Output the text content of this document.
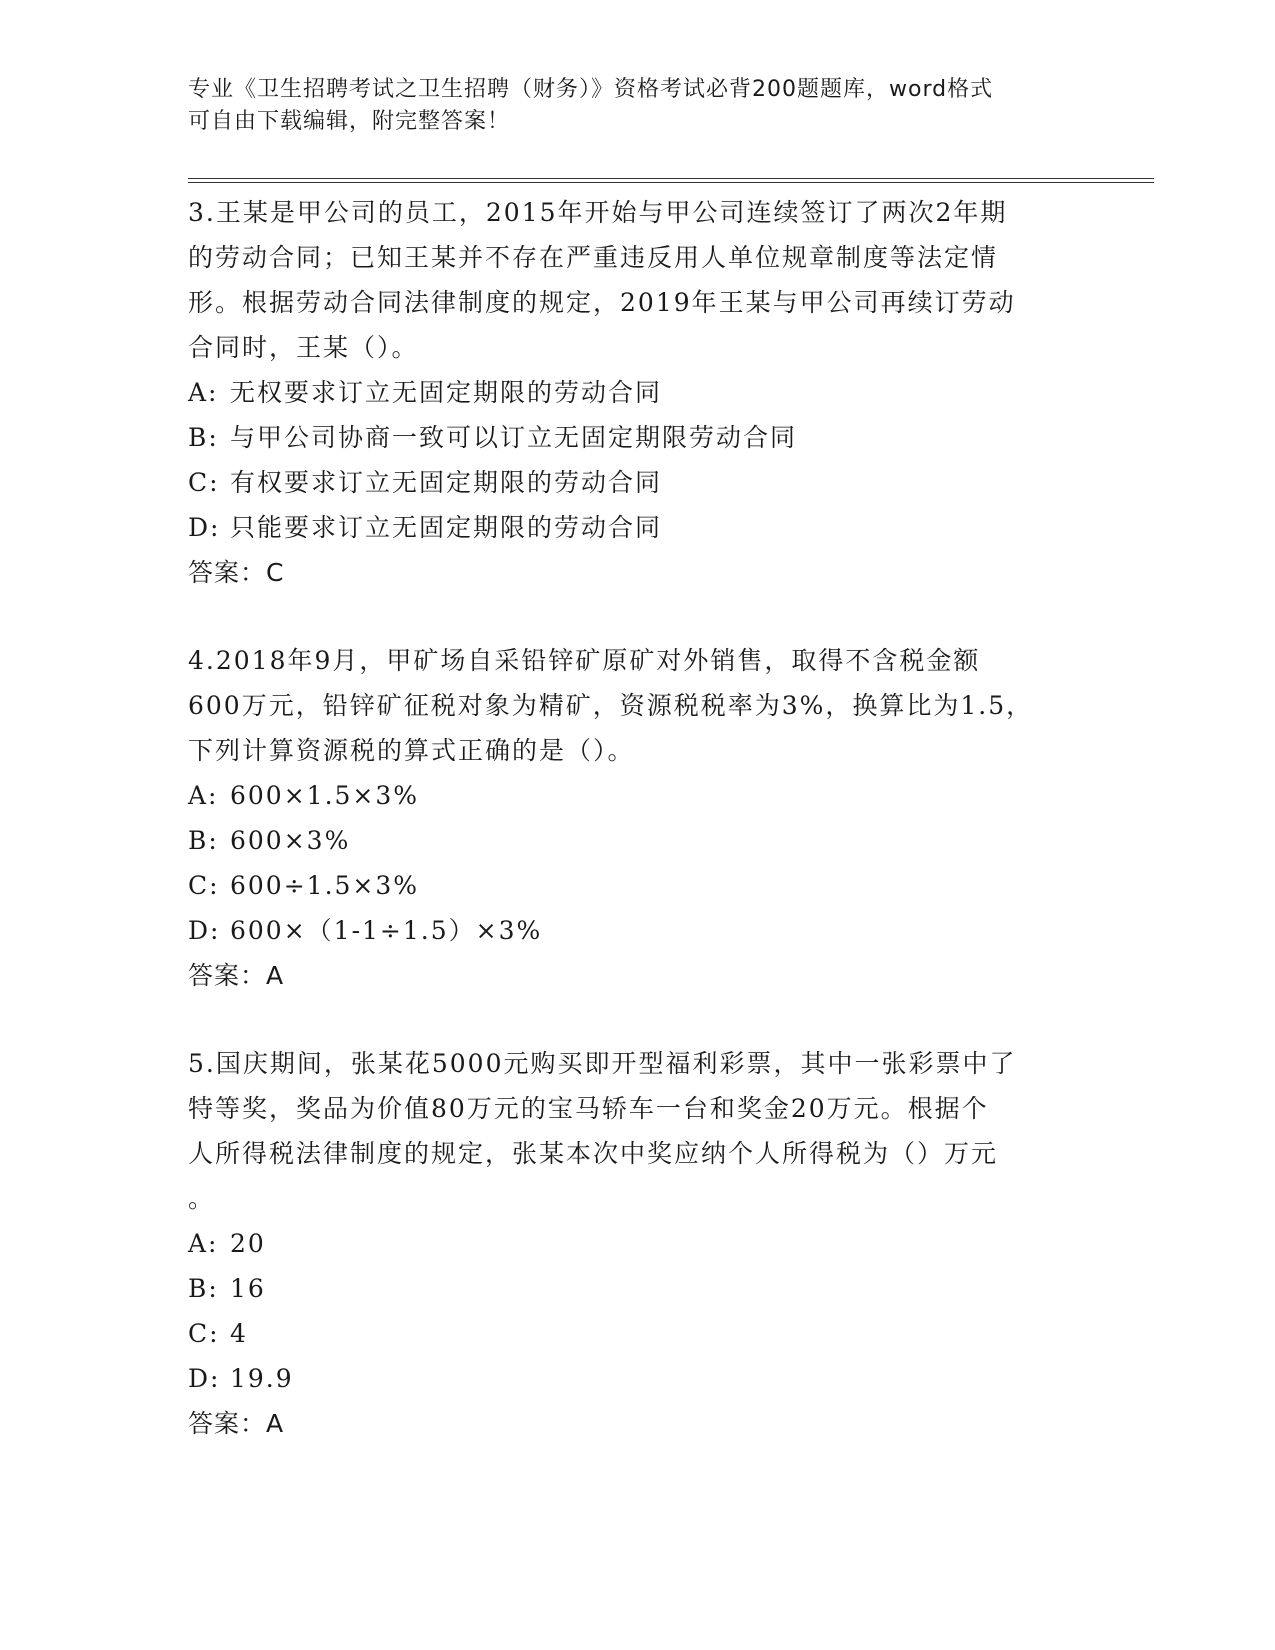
专业《卫生招聘考试之卫生招聘（财务）》资格考试必背200题题库，word格式
可自由下载编辑，附完整答案！

3.王某是甲公司的员工，2015年开始与甲公司连续签订了两次2年期

的劳动合同；已知王某并不存在严重违反用人单位规章制度等法定情

形。根据劳动合同法律制度的规定，2019年王某与甲公司再续订劳动

合同时，王某（）。

A: 无权要求订立无固定期限的劳动合同

B: 与甲公司协商一致可以订立无固定期限劳动合同

C: 有权要求订立无固定期限的劳动合同

D: 只能要求订立无固定期限的劳动合同

答案：C

4.2018年9月，甲矿场自采铅锌矿原矿对外销售，取得不含税金额

600万元，铅锌矿征税对象为精矿，资源税税率为3%，换算比为1.5，

下列计算资源税的算式正确的是（）。

A: 600×1.5×3%

B: 600×3%

C: 600÷1.5×3%

D: 600×（1-1÷1.5）×3%

答案：A

5.国庆期间，张某花5000元购买即开型福利彩票，其中一张彩票中了

特等奖，奖品为价值80万元的宝马轿车一台和奖金20万元。根据个

人所得税法律制度的规定，张某本次中奖应纳个人所得税为（）万元

。

A: 20

B: 16

C: 4

D: 19.9

答案：A
